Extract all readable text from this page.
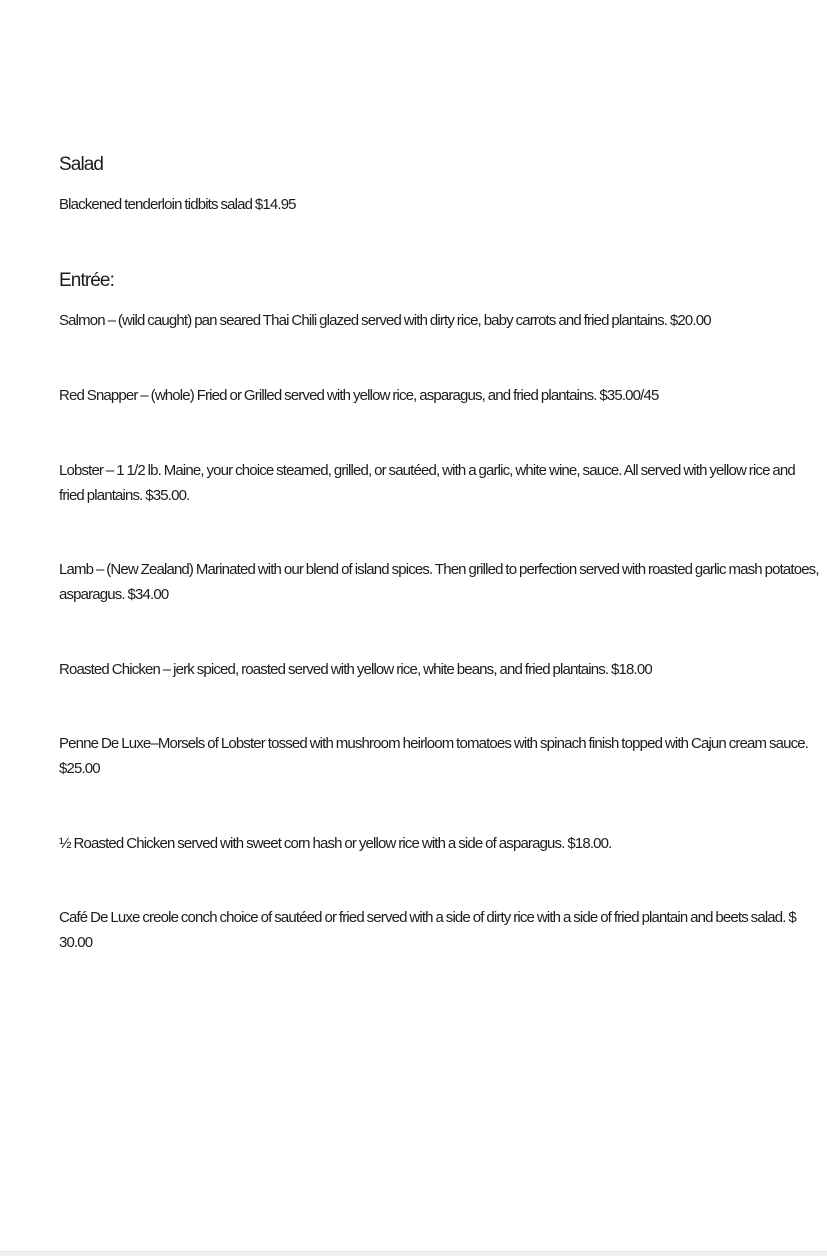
Salad

Blackened tenderloin tidbits salad $14.95

Entrée:

Salmon – (wild caught) pan seared Thai Chili glazed served with dirty rice, baby carrots and fried plantains. $20.00

Red Snapper – (whole) Fried or Grilled served with yellow rice, asparagus, and fried plantains. $35.00/45

Lobster – 1 1/2 lb. Maine, your choice steamed, grilled, or sautéed, with a garlic, white wine, sauce. All served with yellow rice and fried plantains. $35.00.

Lamb – (New Zealand) Marinated with our blend of island spices. Then grilled to perfection served with roasted garlic mash potatoes, asparagus. $34.00

Roasted Chicken – jerk spiced, roasted served with yellow rice, white beans, and fried plantains. $18.00

Penne De Luxe–Morsels of Lobster tossed with mushroom heirloom tomatoes with spinach finish topped with Cajun cream sauce. $25.00

½ Roasted Chicken served with sweet corn hash or yellow rice with a side of asparagus. $18.00.

Café De Luxe creole conch choice of sautéed or fried served with a side of dirty rice with a side of fried plantain and beets salad. $ 30.00
